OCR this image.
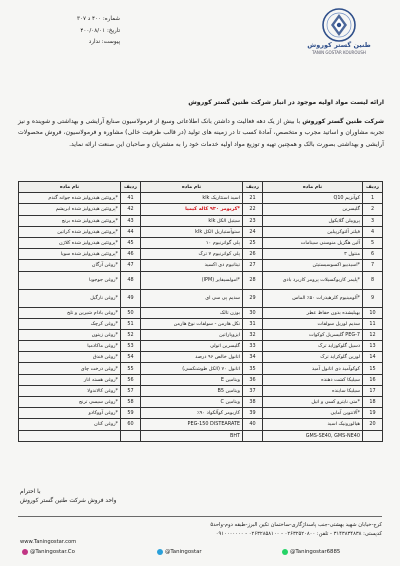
شماره: ۴۰۰ د ۳۰۷
تاریخ: ۴۰۰/۰۸/۰۱
پیوست: ندارد	طنین گستر کوروش
TANIN GOSTAR KOUROUSH
ارائه لیست مواد اولیه موجود در انبار شرکت طنین گستر کوروش
شرکت طنین گستر کوروش با بیش از یک دهه فعالیت و داشتن بانک اطلاعاتی وسیع از فرمولاسیون صنایع آرایشی و بهداشتی و شوینده و نیز تجربه مشاوران و اساتید مجرب و متخصص، آمادۀ کسب تا در زمینه های تولید (در قالب ظرفیت خالی) مشاوره و فرمولاسیون، فروش محصولات آرایشی و بهداشتی بصورت بالک و همچنین تهیه و توزیع مواد اولیه خدمات خود را به مشتریان و صاحبان این صنعت ارائه نماید.
ردیف	نام ماده	ردیف	نام ماده	ردیف	نام ماده
1	کوآنزیم Q10	21	اسید استئاریک klk	41	*پروتئین هیدرولیز شده جوانه گندم
2	گلیسرین	22	*کربومر ۹۴۰ کاله کیمیا	42	*پروتئین هیدرولیز شده ابریشم
3	پروپیلن گلایکول	23	سیتیل الکل klk	43	*پروتئین هیدرولیز شده برنج
4	فیلتر آلتوکرپیلین	24	ستوآستیاریل الکل klk	44	*پروتئین هیدرولیز شده کراتین
5	آلین هگزیل منوسنی سینامات	25	پلی گواترنیوم ۱۰	45	*پروتئین هیدرولیز شده کلاژن
6	منتول ۳	26	پلی کواترنیوم ۷ ترک	46	*پروتئین هیدرولیز شده سویا
7	*اسیدبیو اکسوسیستیئن	27	تیتانیوم دی اکسید	47	*روغن آرگان
8	*پلیمر کاربوکسیلات پرومر کاربرد بادی	28	*امولسیفایر (IPM)	48	*روغن جوجوبا
9	*آلومینیوم کلرهیدرات ۵۰٪ الماس	29	سدیم پی سی ای	49	*روغن نارگیل
10	بهبلیشده بدون حفاظ عطر	30	بوزن تالک	50	*روغن بادام شیرین و تلخ
11	سدیم لوریل سولفات	31	نکل هارمن - سولفات نوع هارمن	51	*روغن کرچک
12	PEG-7 گلیسریل کوکوات	32	ایزوپاراتین	52	*روغن زیتون
13	دسیل گلوکوزاید ترک	33	گلیسرین اتولی	53	*روغن ماکادمیا
14	لورین گلوکزاید ترک	34	اتانول خالص ۹۶ درصد	54	*روغن فندق
15	کوکوآمید دی اتانول آمید	35	اتانول ۷۰ (الکل طوشنکسی)	55	*روغن درخت چای
16	سیلیکا کشت دهنده	36	ویتامین E	56	*روغن هسته انار
17	سیلیکا ساینده	37	ویتامین B5	57	*روغن کالاندولا
18	*متی نایترو کسی و اتیل	38	ویتامین C	58	*روغن سیسی ترنج
19	*آلانتوین آمایی	39	کاربومر کوآلکواد ۹۰٪	59	*روغن آووکادو
20	هیالورونیک اسید	40	PEG-150 DISTEARATE	60	*روغن کتان
	GMS-SE40, GMS-NE40		BHT		
با احترام
واحد فروش شرکت طنین گستر کوروش
کرج-خیابان شهید بهشتی-جنب پاسداژگاری-ساختمان تکین البرز-طبقه دوم-واحد۵
کدپستی: ۳۱۴۳۸۳۴۸۳۸ - تلفن: ۰۲۶۳۲۵۲۰۸۰۰ - ۰۲۶۳۲۸۵۸۱۰۰ - ۰۹۱۰۰۰۰۰۰۰
www.Taningostar.com
@Taningostar.Co	@Taningostar	@Taningostar6885
